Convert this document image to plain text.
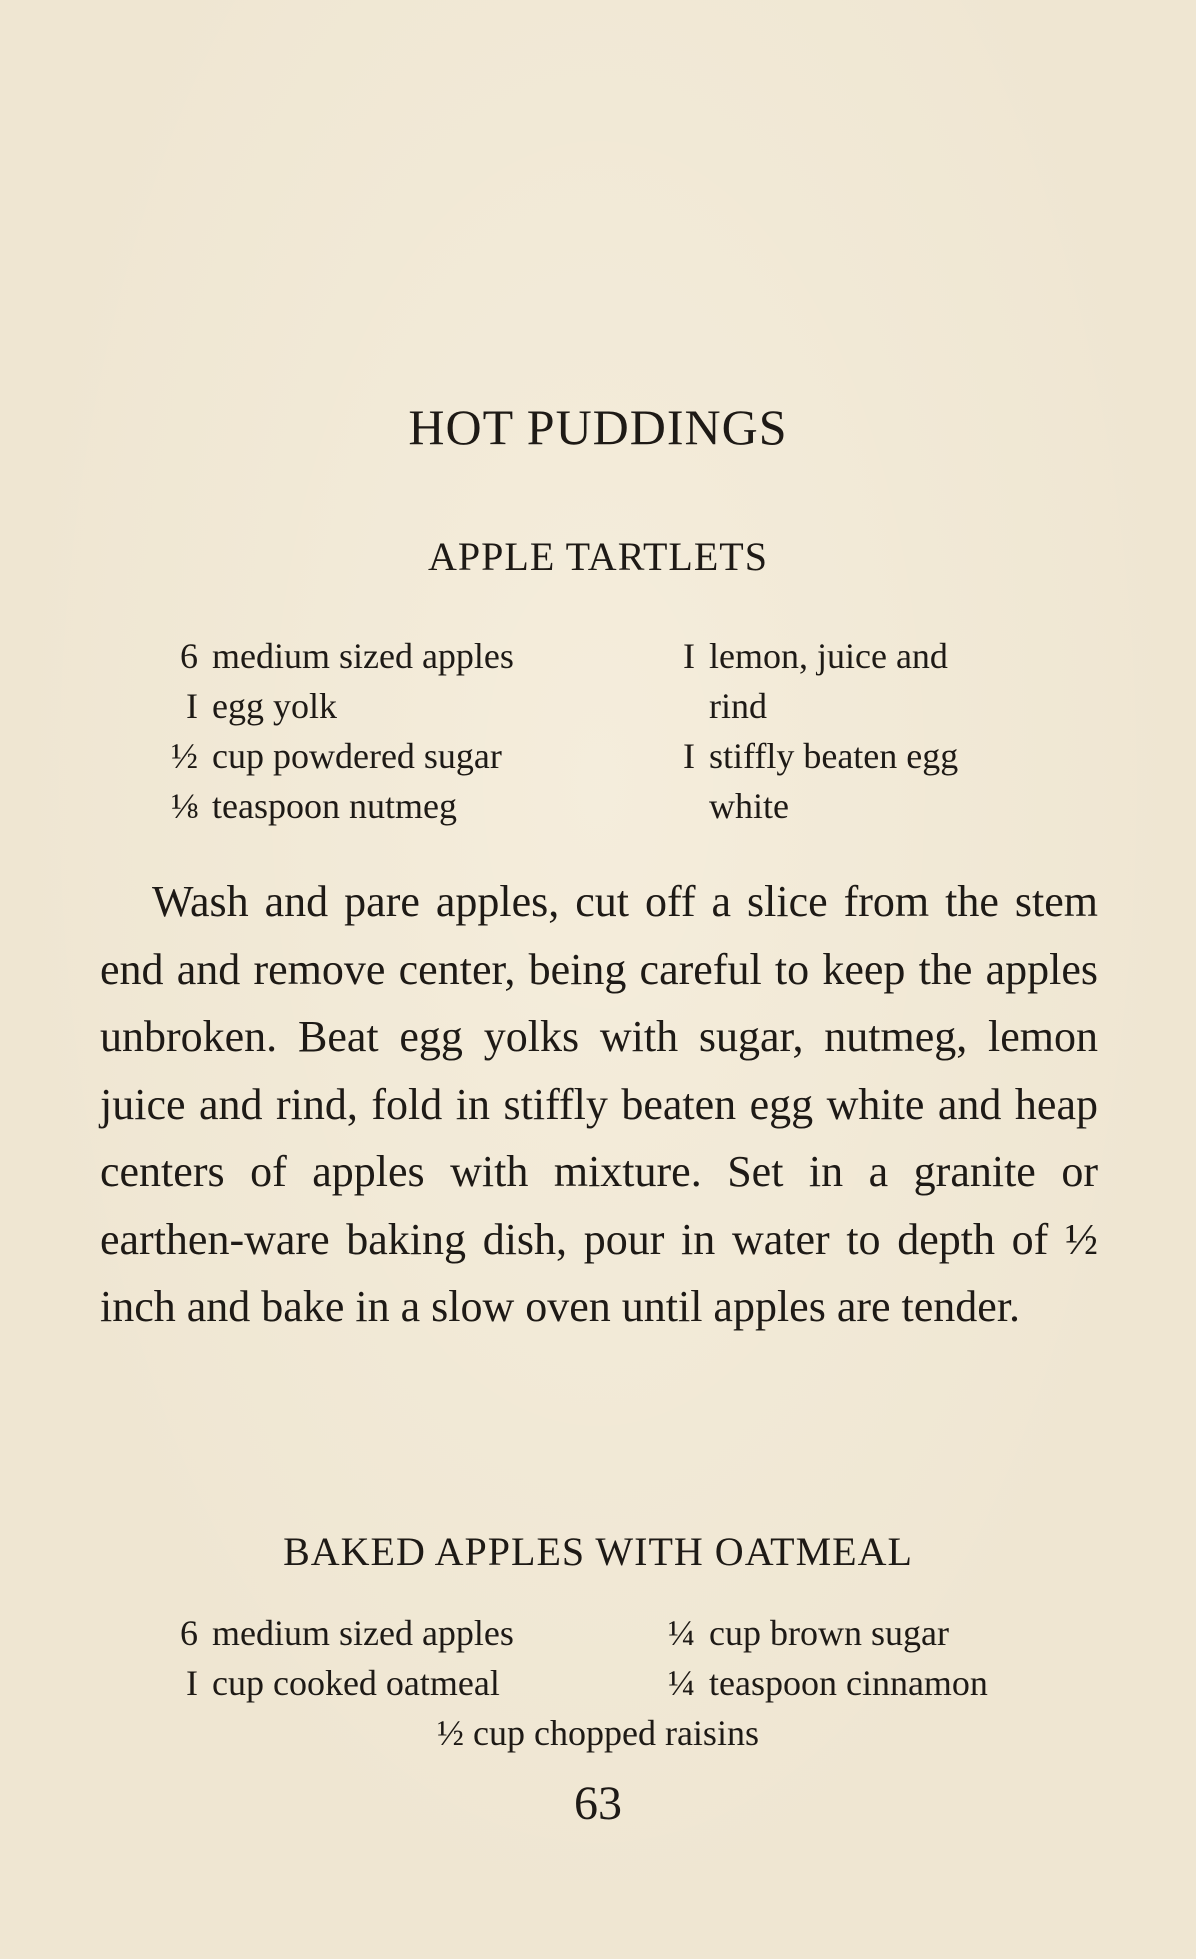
HOT PUDDINGS
APPLE TARTLETS
6 medium sized apples
I egg yolk
½ cup powdered sugar
⅛ teaspoon nutmeg
I lemon, juice and
rind
I stiffly beaten egg
white
Wash and pare apples, cut off a slice from the stem end and remove center, being careful to keep the apples unbroken. Beat egg yolks with sugar, nutmeg, lemon juice and rind, fold in stiffly beaten egg white and heap centers of apples with mixture. Set in a granite or earthen-ware baking dish, pour in water to depth of ½ inch and bake in a slow oven until apples are tender.
BAKED APPLES WITH OATMEAL
6 medium sized apples
I cup cooked oatmeal
¼ cup brown sugar
¼ teaspoon cinnamon
½ cup chopped raisins
63
